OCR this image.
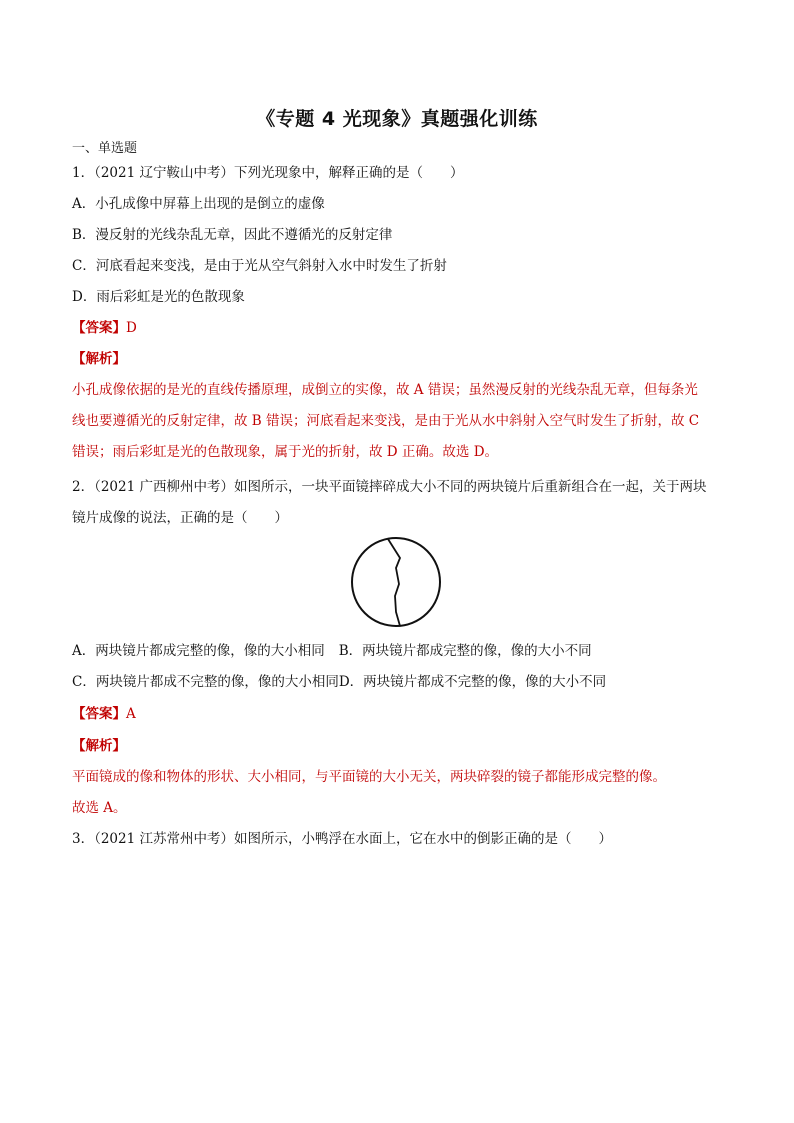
《专题 4 光现象》真题强化训练
一、单选题
1．（2021 辽宁鞍山中考）下列光现象中，解释正确的是（　　）
A．小孔成像中屏幕上出现的是倒立的虚像
B．漫反射的光线杂乱无章，因此不遵循光的反射定律
C．河底看起来变浅，是由于光从空气斜射入水中时发生了折射
D．雨后彩虹是光的色散现象
【答案】D
【解析】
小孔成像依据的是光的直线传播原理，成倒立的实像，故 A 错误；虽然漫反射的光线杂乱无章，但每条光
线也要遵循光的反射定律，故 B 错误；河底看起来变浅，是由于光从水中斜射入空气时发生了折射，故 C
错误；雨后彩虹是光的色散现象，属于光的折射，故 D 正确。故选 D。
2．（2021 广西柳州中考）如图所示，一块平面镜摔碎成大小不同的两块镜片后重新组合在一起，关于两块
镜片成像的说法，正确的是（　　）
A．两块镜片都成完整的像，像的大小相同 B．两块镜片都成完整的像，像的大小不同
C．两块镜片都成不完整的像，像的大小相同D．两块镜片都成不完整的像，像的大小不同
【答案】A
【解析】
平面镜成的像和物体的形状、大小相同，与平面镜的大小无关，两块碎裂的镜子都能形成完整的像。
故选 A。
3．（2021 江苏常州中考）如图所示，小鸭浮在水面上，它在水中的倒影正确的是（　　）
